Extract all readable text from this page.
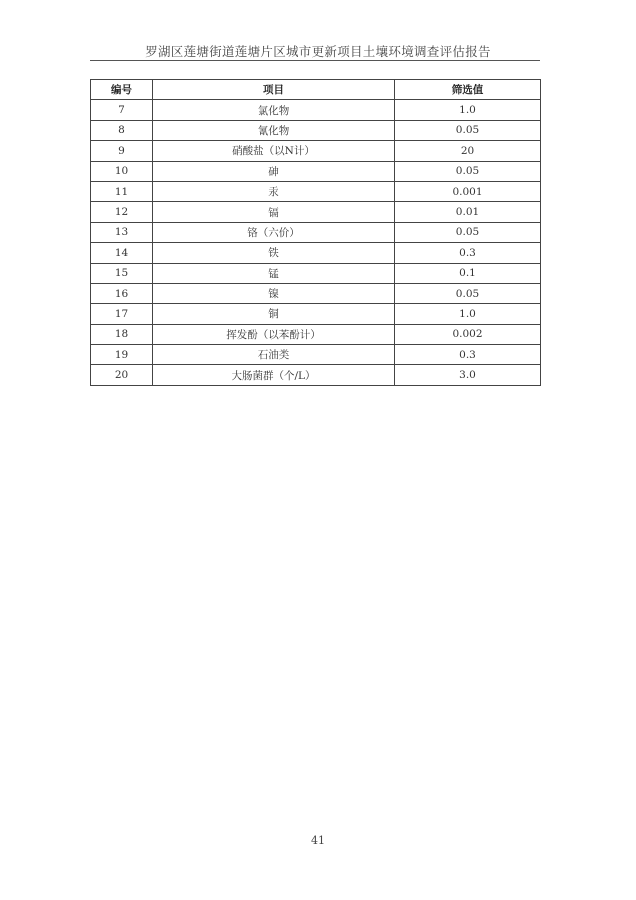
罗湖区莲塘街道莲塘片区城市更新项目土壤环境调查评估报告
编号	项目	筛选值
7	氯化物	1.0
8	氰化物	0.05
9	硝酸盐（以N计）	20
10	砷	0.05
11	汞	0.001
12	镉	0.01
13	铬（六价）	0.05
14	铁	0.3
15	锰	0.1
16	镍	0.05
17	铜	1.0
18	挥发酚（以苯酚计）	0.002
19	石油类	0.3
20	大肠菌群（个/L）	3.0
41
